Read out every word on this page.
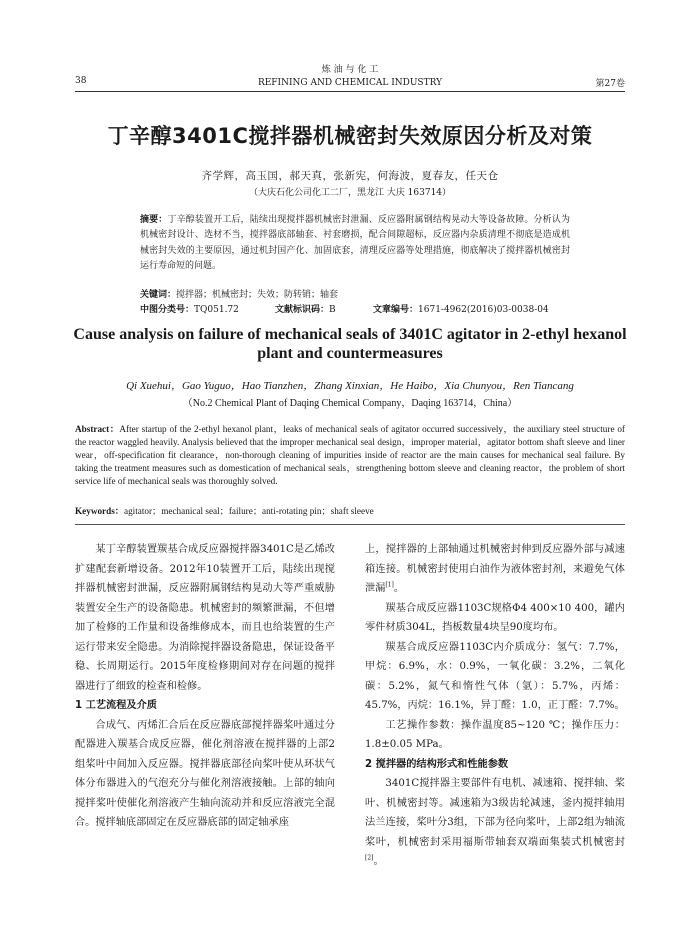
38
炼 油 与 化 工
REFINING AND CHEMICAL INDUSTRY	第27卷
丁辛醇3401C搅拌器机械密封失效原因分析及对策
齐学辉，高玉国，郝天真，张新宪，何海波，夏春友，任天仓
（大庆石化公司化工二厂，黑龙江 大庆 163714）
摘要：丁辛醇装置开工后，陆续出现搅拌器机械密封泄漏、反应器附属钢结构晃动大等设备故障。分析认为机械密封设计、选材不当，搅拌器底部轴套、衬套磨损，配合间隙超标，反应器内杂质清理不彻底是造成机械密封失效的主要原因，通过机封国产化、加固底套，清理反应器等处理措施，彻底解决了搅拌器机械密封运行寿命短的问题。
关键词：搅拌器；机械密封；失效；防转销；轴套
中图分类号：TQ051.72	文献标识码：B	文章编号：1671-4962(2016)03-0038-04
Cause analysis on failure of mechanical seals of 3401C agitator in 2-ethyl hexanol plant and countermeasures
Qi Xuehui，Gao Yuguo，Hao Tianzhen，Zhang Xinxian，He Haibo，Xia Chunyou，Ren Tiancang
（No.2 Chemical Plant of Daqing Chemical Company，Daqing 163714，China）
Abstract：After startup of the 2-ethyl hexanol plant，leaks of mechanical seals of agitator occurred successively，the auxiliary steel structure of the reactor waggled heavily. Analysis believed that the improper mechanical seal design，improper material，agitator bottom shaft sleeve and liner wear，off-specification fit clearance，non-thorough cleaning of impurities inside of reactor are the main causes for mechanical seal failure. By taking the treatment measures such as domestication of mechanical seals，strengthening bottom sleeve and cleaning reactor，the problem of short service life of mechanical seals was thoroughly solved.
Keywords：agitator；mechanical seal；failure；anti-rotating pin；shaft sleeve

某丁辛醇装置羰基合成反应器搅拌器3401C是乙烯改扩建配套新增设备。2012年10装置开工后，陆续出现搅拌器机械密封泄漏，反应器附属钢结构晃动大等严重威胁装置安全生产的设备隐患。机械密封的频繁泄漏，不但增加了检修的工作量和设备维修成本，而且也给装置的生产运行带来安全隐患。为消除搅拌器设备隐患，保证设备平稳、长周期运行。2015年度检修期间对存在问题的搅拌器进行了细致的检查和检修。

1 工艺流程及介质

合成气、丙烯汇合后在反应器底部搅拌器桨叶通过分配器进入羰基合成反应器，催化剂溶液在搅拌器的上部2组桨叶中间加入反应器。搅拌器底部径向桨叶使从环状气体分布器进入的气泡充分与催化剂溶液接触。上部的轴向搅拌桨叶使催化剂溶液产生轴向流动并和反应溶液完全混合。搅拌轴底部固定在反应器底部的固定轴承座

上，搅拌器的上部轴通过机械密封伸到反应器外部与减速箱连接。机械密封使用白油作为液体密封剂，来避免气体泄漏[1]。

羰基合成反应器1103C规格Φ4 400×10 400，罐内零件材质304L，挡板数量4块呈90度均布。

羰基合成反应器1103C内介质成分：氢气：7.7%，甲烷：6.9%，水：0.9%，一氧化碳：3.2%，二氧化碳：5.2%，氮气和惰性气体（氩）：5.7%，丙烯：45.7%，丙烷：16.1%，异丁醛：1.0，正丁醛：7.7%。

工艺操作参数：操作温度85~120 ℃；操作压力：1.8±0.05 MPa。

2 搅拌器的结构形式和性能参数

3401C搅拌器主要部件有电机、减速箱、搅拌轴、桨叶、机械密封等。减速箱为3级齿轮减速，釜内搅拌轴用法兰连接，桨叶分3组，下部为径向桨叶，上部2组为轴流桨叶，机械密封采用福斯带轴套双端面集装式机械密封[2]。
